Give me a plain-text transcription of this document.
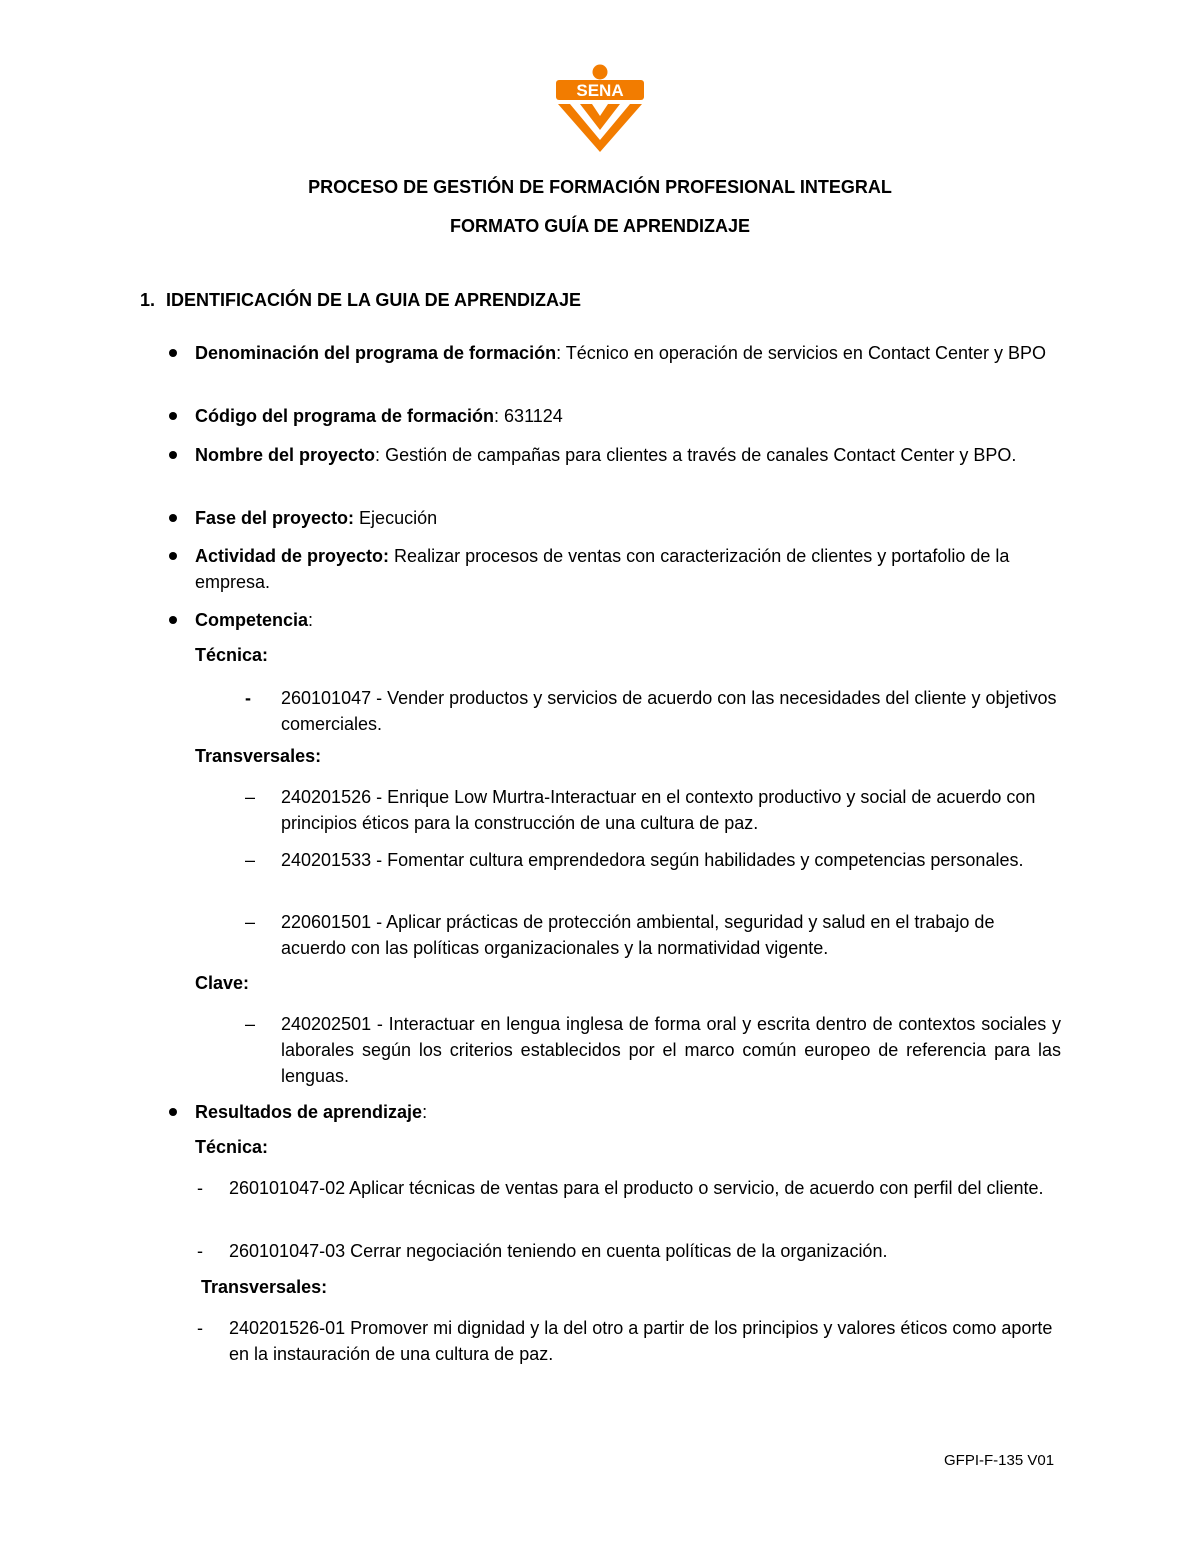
SENA
PROCESO DE GESTIÓN DE FORMACIÓN PROFESIONAL INTEGRAL
FORMATO GUÍA DE APRENDIZAJE
1. IDENTIFICACIÓN DE LA GUIA DE APRENDIZAJE
Denominación del programa de formación: Técnico en operación de servicios en Contact Center y BPO
Código del programa de formación: 631124
Nombre del proyecto: Gestión de campañas para clientes a través de canales Contact Center y BPO.
Fase del proyecto: Ejecución
Actividad de proyecto: Realizar procesos de ventas con caracterización de clientes y portafolio de la empresa.
Competencia:
Técnica:
- 260101047 - Vender productos y servicios de acuerdo con las necesidades del cliente y objetivos comerciales.
Transversales:
– 240201526 - Enrique Low Murtra-Interactuar en el contexto productivo y social de acuerdo con principios éticos para la construcción de una cultura de paz.
– 240201533 - Fomentar cultura emprendedora según habilidades y competencias personales.
– 220601501 - Aplicar prácticas de protección ambiental, seguridad y salud en el trabajo de acuerdo con las políticas organizacionales y la normatividad vigente.
Clave:
– 240202501 - Interactuar en lengua inglesa de forma oral y escrita dentro de contextos sociales y laborales según los criterios establecidos por el marco común europeo de referencia para las lenguas.
Resultados de aprendizaje:
Técnica:
- 260101047-02 Aplicar técnicas de ventas para el producto o servicio, de acuerdo con perfil del cliente.
- 260101047-03 Cerrar negociación teniendo en cuenta políticas de la organización.
Transversales:
- 240201526-01 Promover mi dignidad y la del otro a partir de los principios y valores éticos como aporte en la instauración de una cultura de paz.
GFPI-F-135 V01
